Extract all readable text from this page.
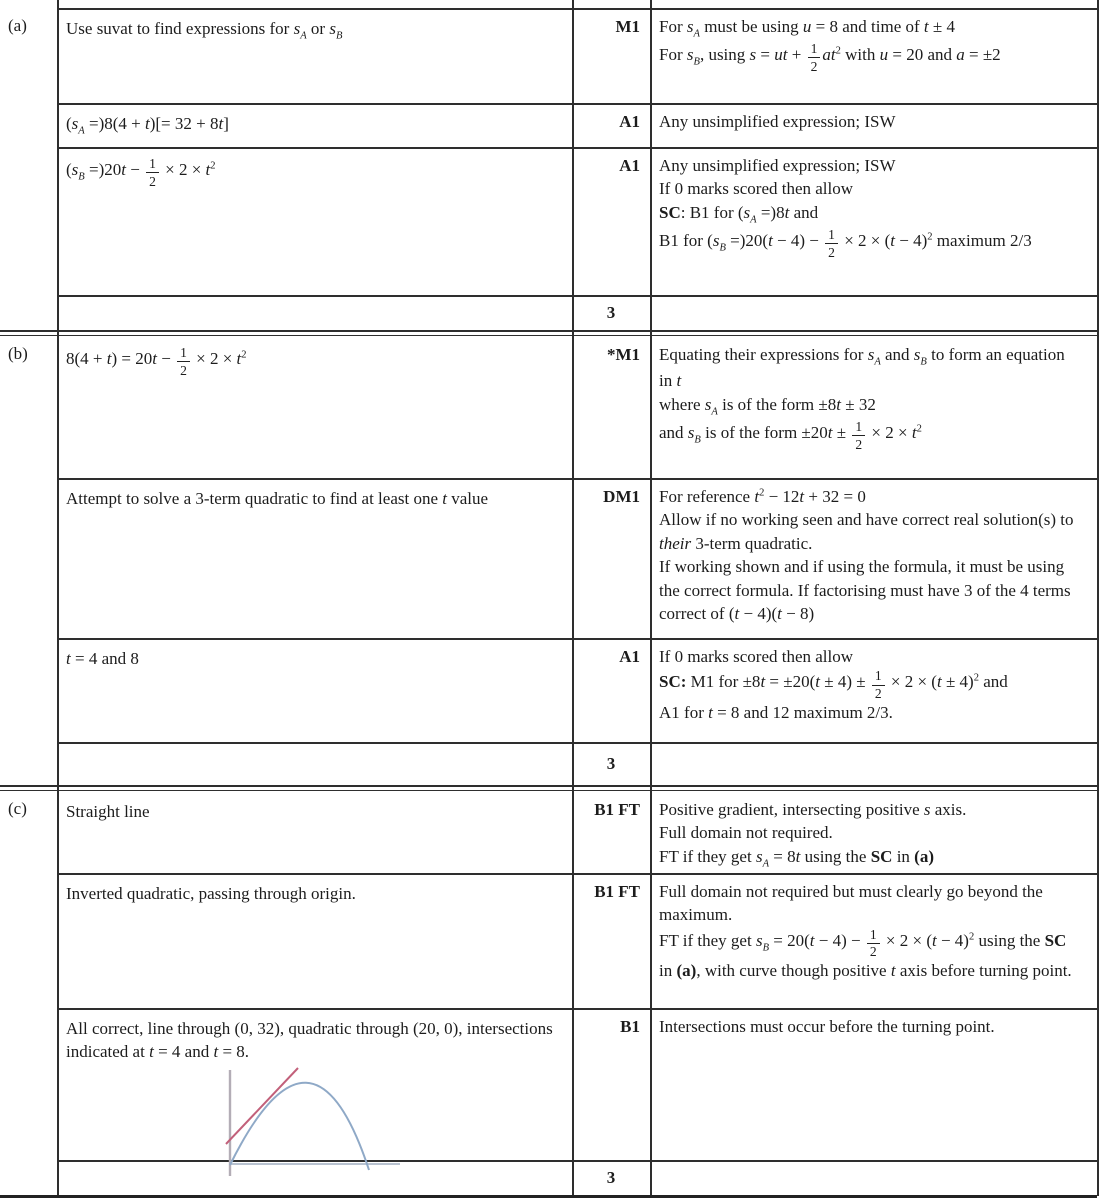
(a) Use suvat to find expressions for $s_A$ or $s_B$	M1	For $s_A$ must be using u = 8 and time of t ± 4
For $s_B$, using s = ut + $\frac{1}{2} at^2$ with u = 20 and a = ±2
$(s_A =)8(4 + t)[= 32 + 8t]$	A1	Any unsimplified expression; ISW
$(s_B =)20t - \frac{1}{2} \times 2 \times t^2$	A1	Any unsimplified expression; ISW
If 0 marks scored then allow
SC: B1 for $(s_A =)8t$ and
B1 for $(s_B =)20(t - 4) - \frac{1}{2} \times 2 \times (t - 4)^2$ maximum 2/3
3
(b) $8(4 + t) = 20t - \frac{1}{2} \times 2 \times t^2$	*M1	Equating their expressions for $s_A$ and $s_B$ to form an equation
in t
where $s_A$ is of the form ±8t ± 32
and $s_B$ is of the form $\pm 20t \pm \frac{1}{2} \times 2 \times t^2$
Attempt to solve a 3-term quadratic to find at least one t value	DM1	For reference $t^2 - 12t + 32 = 0$
Allow if no working seen and have correct real solution(s) to
their 3-term quadratic.
If working shown and if using the formula, it must be using
the correct formula. If factorising must have 3 of the 4 terms
correct of (t − 4)(t − 8)
t = 4 and 8	A1	If 0 marks scored then allow
SC: M1 for $\pm 8t = \pm 20(t \pm 4) \pm \frac{1}{2} \times 2 \times (t \pm 4)^2$ and
A1 for t = 8 and 12 maximum 2/3.
3
(c) Straight line	B1 FT	Positive gradient, intersecting positive s axis.
Full domain not required.
FT if they get $s_A = 8t$ using the SC in (a)
Inverted quadratic, passing through origin.	B1 FT	Full domain not required but must clearly go beyond the
maximum.
FT if they get $s_B = 20(t - 4) - \frac{1}{2} \times 2 \times (t - 4)^2$ using the SC
in (a), with curve though positive t axis before turning point.
All correct, line through (0, 32), quadratic through (20, 0), intersections
indicated at t = 4 and t = 8.
B1	Intersections must occur before the turning point.
3
